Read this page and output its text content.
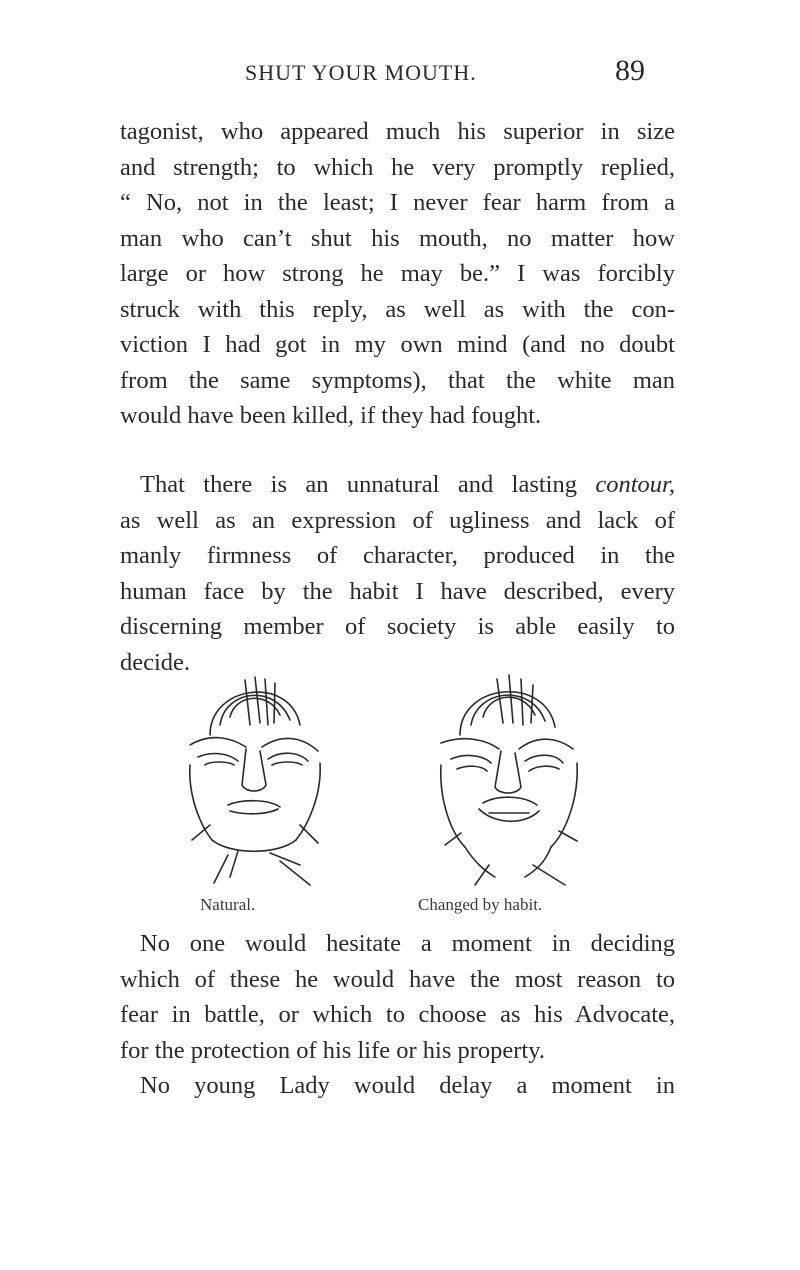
SHUT YOUR MOUTH.	89
tagonist, who appeared much his superior in size
and strength; to which he very promptly replied,
“ No, not in the least; I never fear harm from a
man who can’t shut his mouth, no matter how
large or how strong he may be.” I was forcibly
struck with this reply, as well as with the con-
viction I had got in my own mind (and no doubt
from the same symptoms), that the white man
would have been killed, if they had fought.
That there is an unnatural and lasting contour,
as well as an expression of ugliness and lack of
manly firmness of character, produced in the
human face by the habit I have described, every
discerning member of society is able easily to
decide.
Natural.	Changed by habit.
No one would hesitate a moment in deciding
which of these he would have the most reason to
fear in battle, or which to choose as his Advocate,
for the protection of his life or his property.
No young Lady would delay a moment in
